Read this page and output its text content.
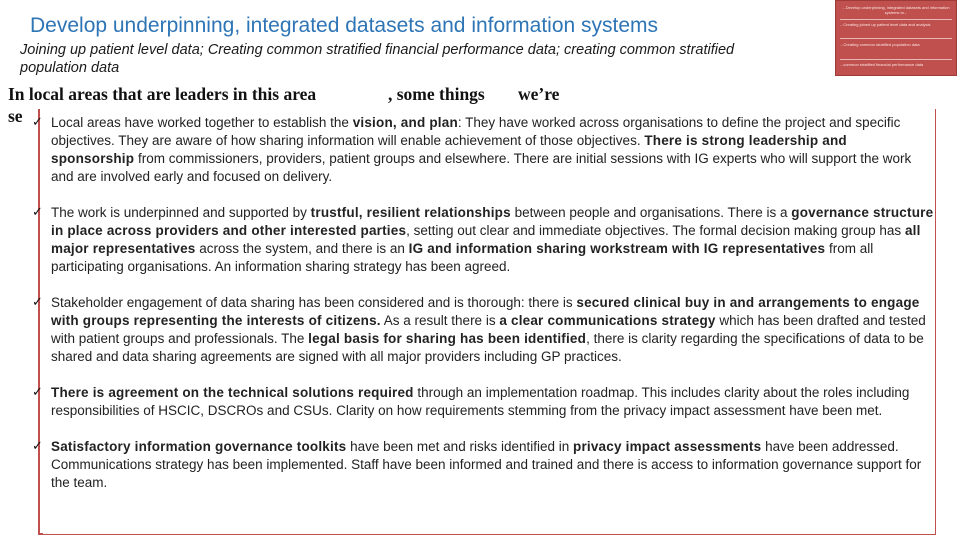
Develop underpinning, integrated datasets and information systems

Joining up patient level data; Creating common stratified financial performance data; creating common stratified population data

...Develop underpinning, integrated datasets and information systems to...
...Creating joined up patient level data and analysis
...Creating common stratified population data
...common stratified financial performance data
In local areas that are leaders in this area	, some things we’re
se ✓ Local areas have worked together to establish the vision, and plan: They have worked across organisations to define the project and specific objectives. They are aware of how sharing information will enable achievement of those objectives. There is strong leadership and sponsorship from commissioners, providers, patient groups and elsewhere. There are initial sessions with IG experts who will support the work and are involved early and focused on delivery.
✓ The work is underpinned and supported by trustful, resilient relationships between people and organisations. There is a governance structure in place across providers and other interested parties, setting out clear and immediate objectives. The formal decision making group has all major representatives across the system, and there is an IG and information sharing workstream with IG representatives from all participating organisations. An information sharing strategy has been agreed.
✓ Stakeholder engagement of data sharing has been considered and is thorough: there is secured clinical buy in and arrangements to engage with groups representing the interests of citizens. As a result there is a clear communications strategy which has been drafted and tested with patient groups and professionals. The legal basis for sharing has been identified, there is clarity regarding the specifications of data to be shared and data sharing agreements are signed with all major providers including GP practices.
✓ There is agreement on the technical solutions required through an implementation roadmap. This includes clarity about the roles including responsibilities of HSCIC, DSCROs and CSUs. Clarity on how requirements stemming from the privacy impact assessment have been met.
✓ Satisfactory information governance toolkits have been met and risks identified in privacy impact assessments have been addressed. Communications strategy has been implemented. Staff have been informed and trained and there is access to information governance support for the team.
